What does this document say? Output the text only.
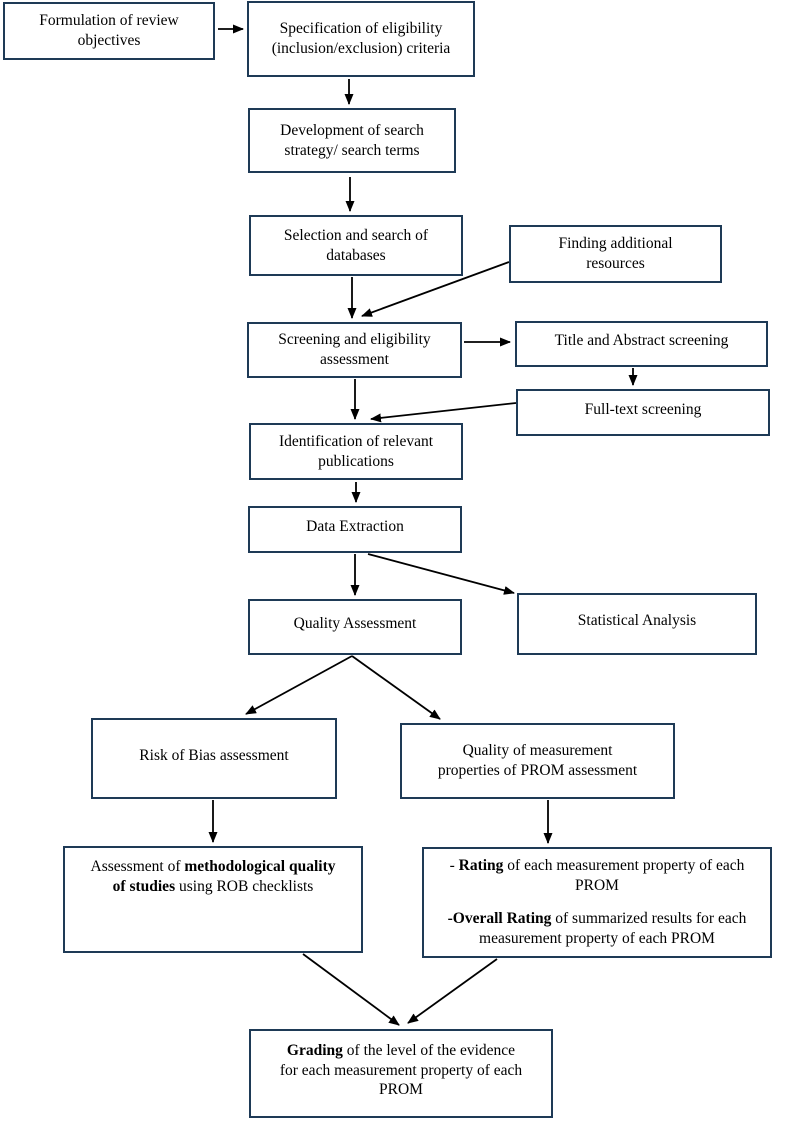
Formulation of review objectives
Specification of eligibility (inclusion/exclusion) criteria
Development of search strategy/ search terms
Selection and search of databases
Finding additional resources
Screening and eligibility assessment
Title and Abstract screening
Full-text screening
Identification of relevant publications
Data Extraction
Quality Assessment	Statistical Analysis
Risk of Bias assessment	Quality of measurement properties of PROM assessment
Assessment of methodological quality of studies using ROB checklists

- Rating of each measurement property of each PROM

-Overall Rating of summarized results for each measurement property of each PROM

Grading of the level of the evidence for each measurement property of each PROM
